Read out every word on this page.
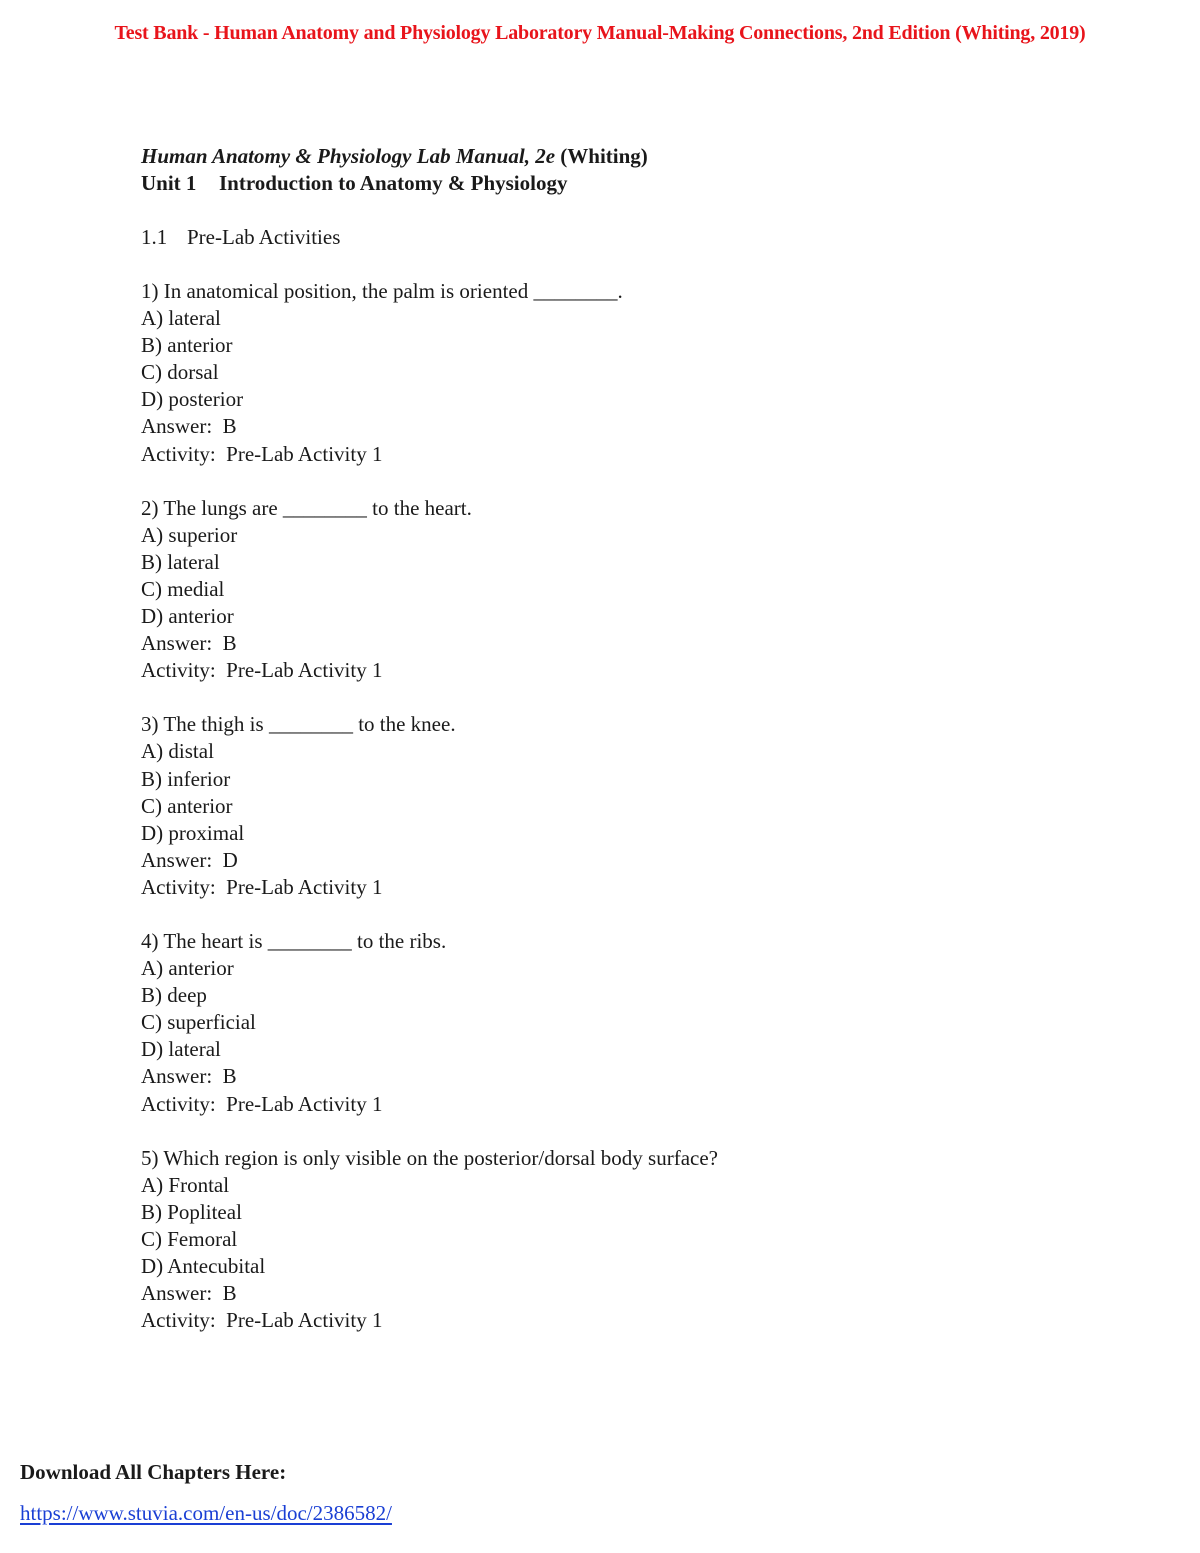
Test Bank - Human Anatomy and Physiology Laboratory Manual-Making Connections, 2nd Edition (Whiting, 2019)
Human Anatomy & Physiology Lab Manual, 2e (Whiting)
Unit 1 Introduction to Anatomy & Physiology
1.1 Pre-Lab Activities
1) In anatomical position, the palm is oriented ________.
A) lateral
B) anterior
C) dorsal
D) posterior
Answer:  B
Activity:  Pre-Lab Activity 1
2) The lungs are ________ to the heart.
A) superior
B) lateral
C) medial
D) anterior
Answer:  B
Activity:  Pre-Lab Activity 1
3) The thigh is ________ to the knee.
A) distal
B) inferior
C) anterior
D) proximal
Answer:  D
Activity:  Pre-Lab Activity 1
4) The heart is ________ to the ribs.
A) anterior
B) deep
C) superficial
D) lateral
Answer:  B
Activity:  Pre-Lab Activity 1
5) Which region is only visible on the posterior/dorsal body surface?
A) Frontal
B) Popliteal
C) Femoral
D) Antecubital
Answer:  B
Activity:  Pre-Lab Activity 1
Download All Chapters Here:
https://www.stuvia.com/en-us/doc/2386582/
